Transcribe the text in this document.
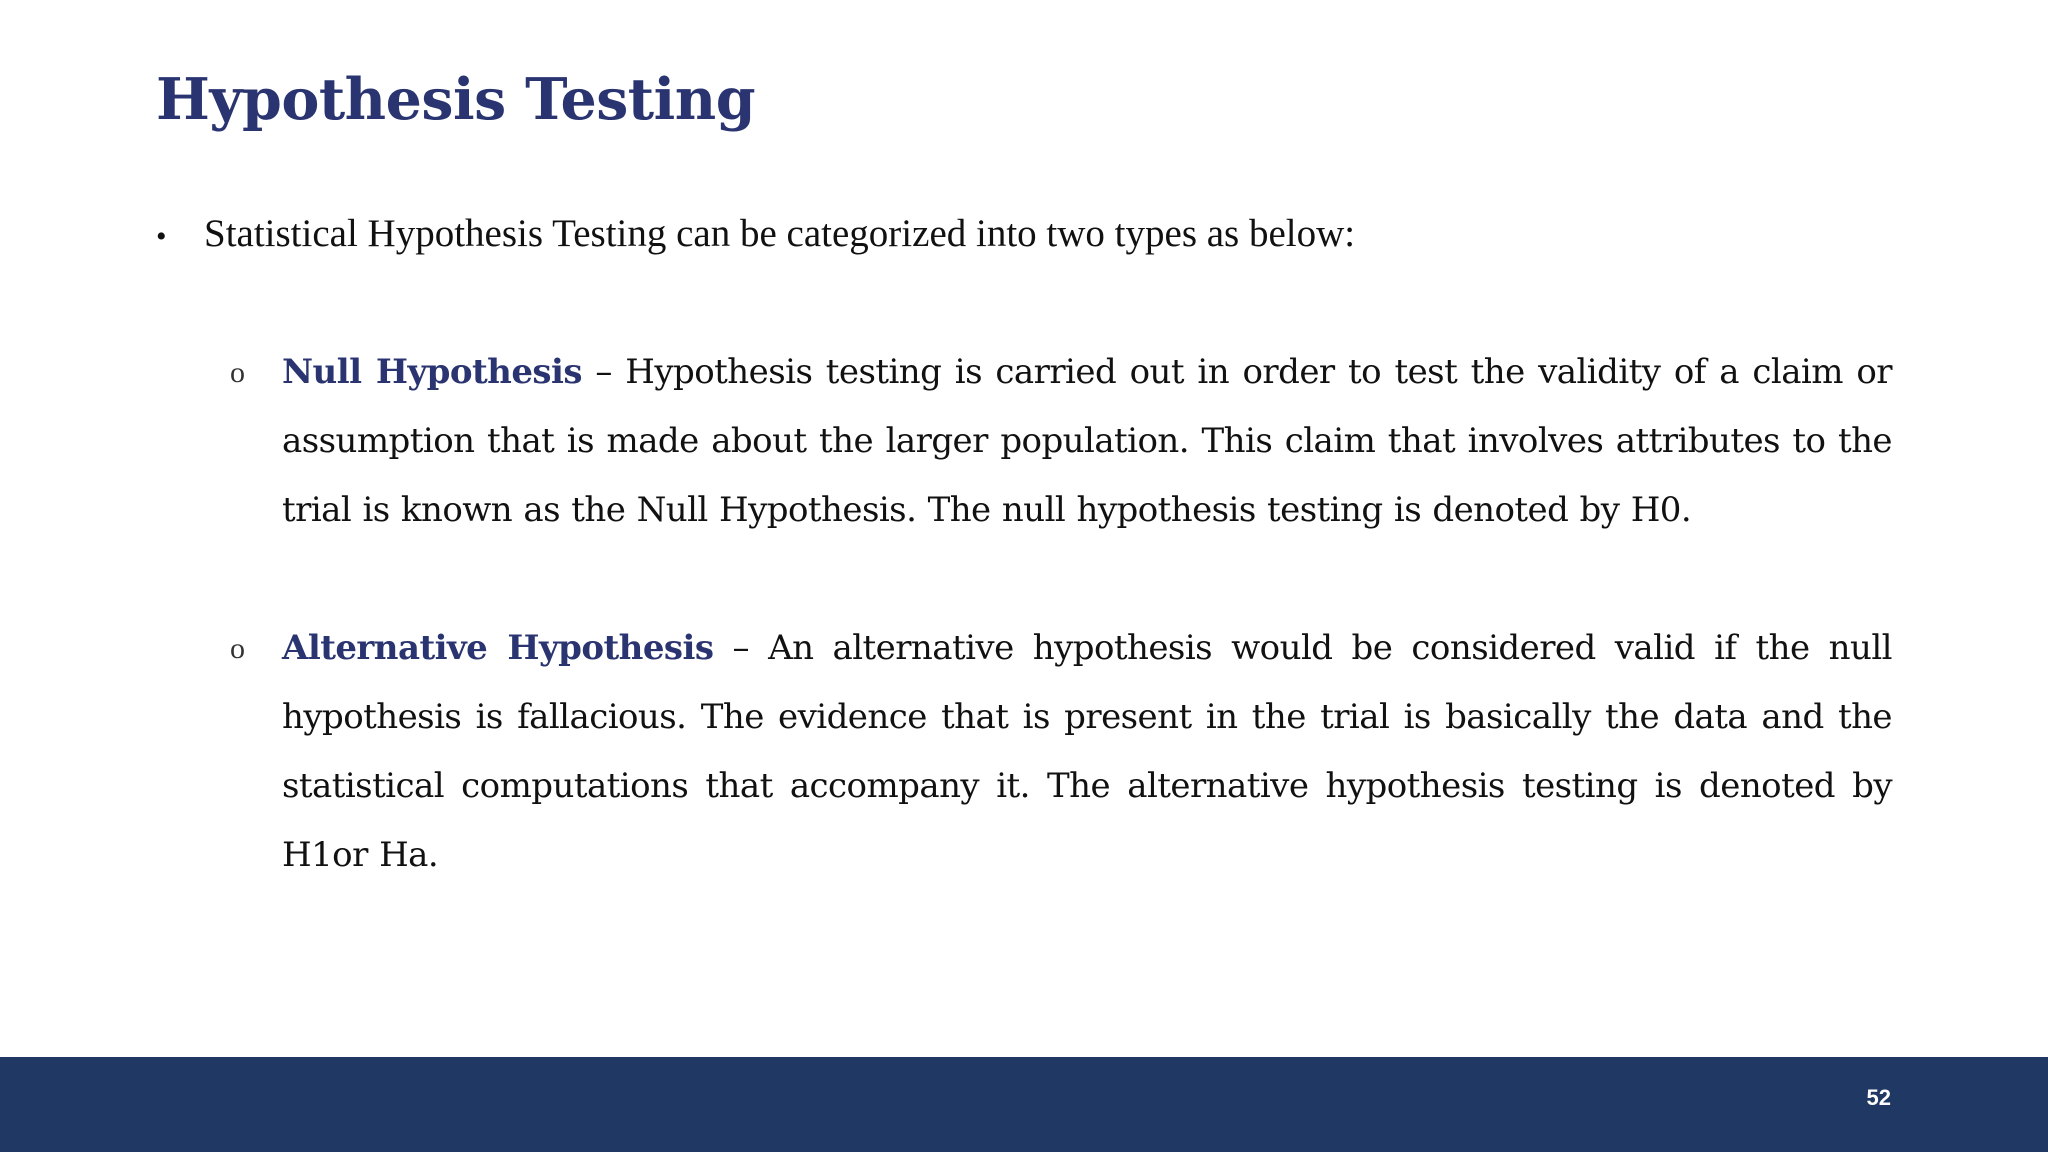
Hypothesis Testing
• Statistical Hypothesis Testing can be categorized into two types as below:
o	Null Hypothesis – Hypothesis testing is carried out in order to test the validity of a claim or assumption that is made about the larger population. This claim that involves attributes to the trial is known as the Null Hypothesis. The null hypothesis testing is denoted by H0.
o	Alternative Hypothesis – An alternative hypothesis would be considered valid if the null hypothesis is fallacious. The evidence that is present in the trial is basically the data and the statistical computations that accompany it. The alternative hypothesis testing is denoted by H1or Ha.
52
